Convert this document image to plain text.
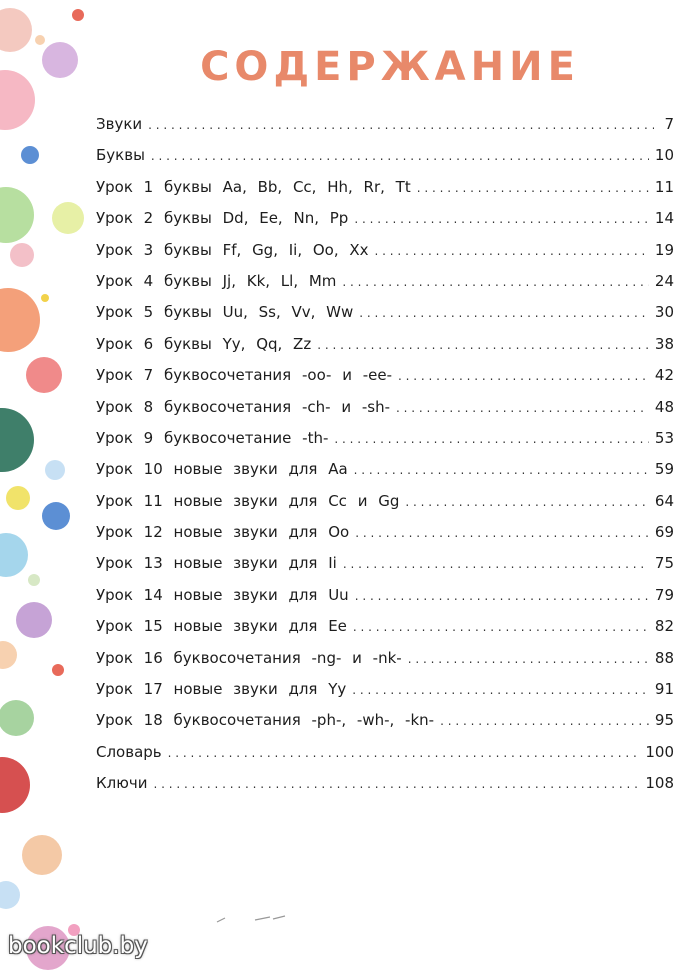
СОДЕРЖАНИЕ
Звуки . . .	7
Буквы . . .	10
Урок 1 буквы Aa, Bb, Cc, Hh, Rr, Tt . . .	11
Урок 2 буквы Dd, Ee, Nn, Pp . . .	14
Урок 3 буквы Ff, Gg, Ii, Oo, Xx . . .	19
Урок 4 буквы Jj, Kk, Ll, Mm . . .	24
Урок 5 буквы Uu, Ss, Vv, Ww . . .	30
Урок 6 буквы Yy, Qq, Zz . . .	38
Урок 7 буквосочетания -oo- и -ee- . . .	42
Урок 8 буквосочетания -ch- и -sh- . . .	48
Урок 9 буквосочетание -th- . . .	53
Урок 10 новые звуки для Aa . . .	59
Урок 11 новые звуки для Cc и Gg . . .	64
Урок 12 новые звуки для Oo . . .	69
Урок 13 новые звуки для Ii . . .	75
Урок 14 новые звуки для Uu . . .	79
Урок 15 новые звуки для Ee . . .	82
Урок 16 буквосочетания -ng- и -nk- . . .	88
Урок 17 новые звуки для Yy . . .	91
Урок 18 буквосочетания -ph-, -wh-, -kn- . . .	95
Словарь . . .	100
Ключи . . .	108
bookclub.by
